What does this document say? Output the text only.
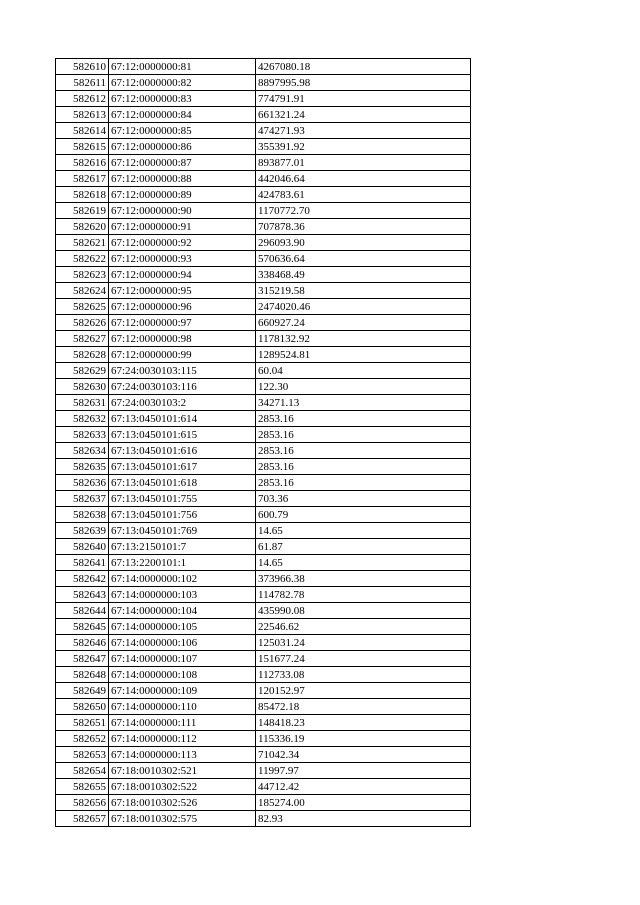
582610	67:12:0000000:81	4267080.18
582611	67:12:0000000:82	8897995.98
582612	67:12:0000000:83	774791.91
582613	67:12:0000000:84	661321.24
582614	67:12:0000000:85	474271.93
582615	67:12:0000000:86	355391.92
582616	67:12:0000000:87	893877.01
582617	67:12:0000000:88	442046.64
582618	67:12:0000000:89	424783.61
582619	67:12:0000000:90	1170772.70
582620	67:12:0000000:91	707878.36
582621	67:12:0000000:92	296093.90
582622	67:12:0000000:93	570636.64
582623	67:12:0000000:94	338468.49
582624	67:12:0000000:95	315219.58
582625	67:12:0000000:96	2474020.46
582626	67:12:0000000:97	660927.24
582627	67:12:0000000:98	1178132.92
582628	67:12:0000000:99	1289524.81
582629	67:24:0030103:115	60.04
582630	67:24:0030103:116	122.30
582631	67:24:0030103:2	34271.13
582632	67:13:0450101:614	2853.16
582633	67:13:0450101:615	2853.16
582634	67:13:0450101:616	2853.16
582635	67:13:0450101:617	2853.16
582636	67:13:0450101:618	2853.16
582637	67:13:0450101:755	703.36
582638	67:13:0450101:756	600.79
582639	67:13:0450101:769	14.65
582640	67:13:2150101:7	61.87
582641	67:13:2200101:1	14.65
582642	67:14:0000000:102	373966.38
582643	67:14:0000000:103	114782.78
582644	67:14:0000000:104	435990.08
582645	67:14:0000000:105	22546.62
582646	67:14:0000000:106	125031.24
582647	67:14:0000000:107	151677.24
582648	67:14:0000000:108	112733.08
582649	67:14:0000000:109	120152.97
582650	67:14:0000000:110	85472.18
582651	67:14:0000000:111	148418.23
582652	67:14:0000000:112	115336.19
582653	67:14:0000000:113	71042.34
582654	67:18:0010302:521	11997.97
582655	67:18:0010302:522	44712.42
582656	67:18:0010302:526	185274.00
582657	67:18:0010302:575	82.93
